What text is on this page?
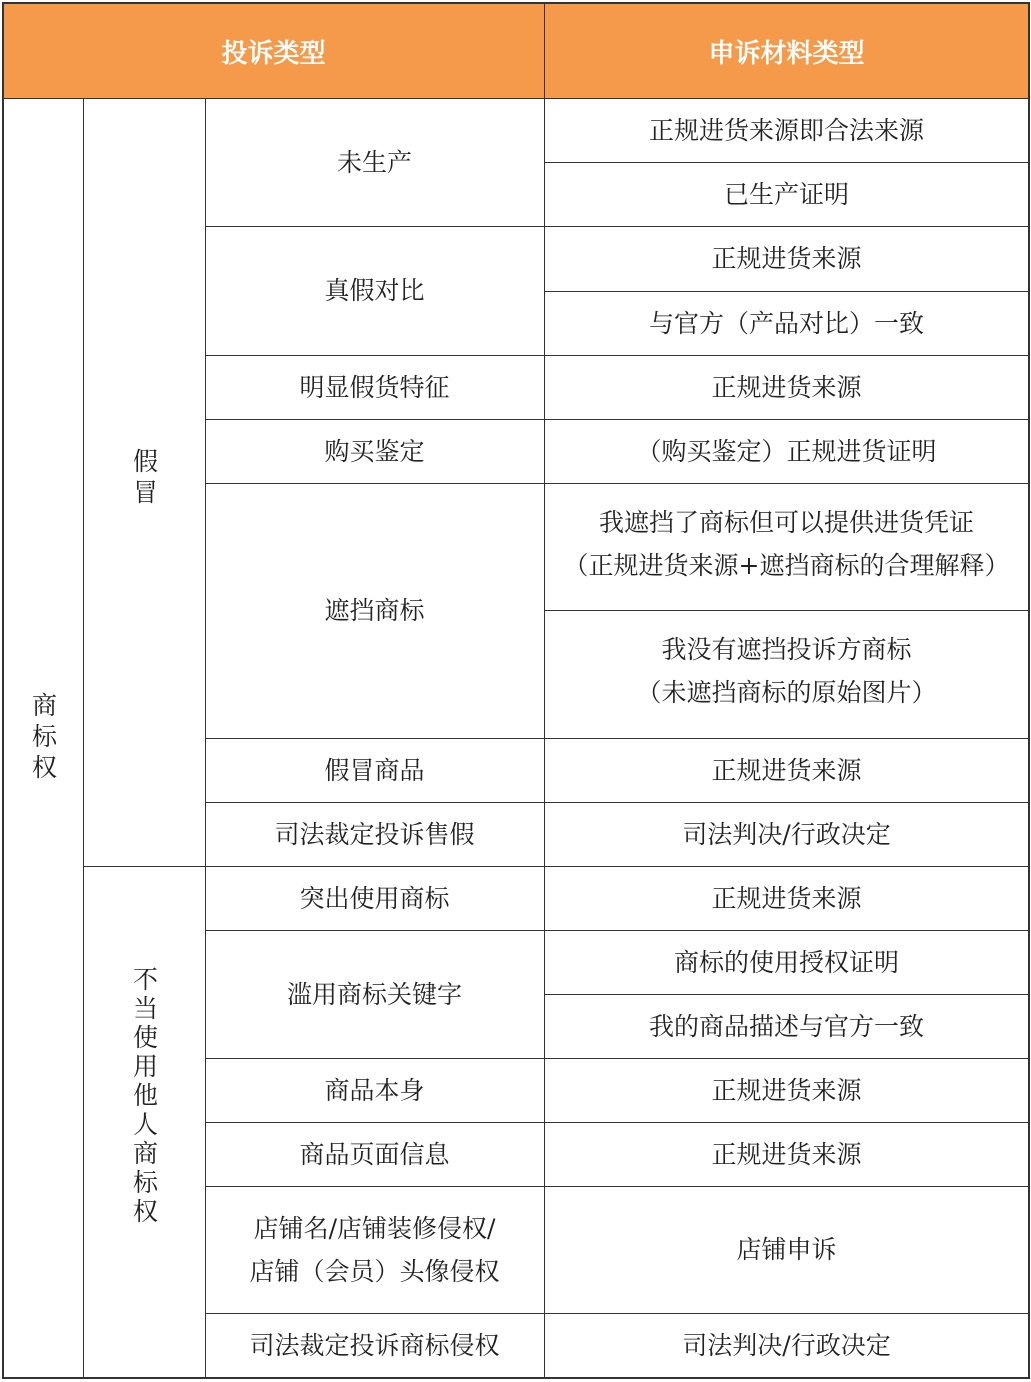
投诉类型	申诉材料类型
商标权
假冒
不当使用他人商标权
未生产
真假对比
明显假货特征
购买鉴定
遮挡商标
假冒商品
司法裁定投诉售假
突出使用商标
滥用商标关键字
商品本身
商品页面信息
店铺名/店铺装修侵权/
店铺（会员）头像侵权
司法裁定投诉商标侵权
正规进货来源即合法来源
已生产证明
正规进货来源
与官方（产品对比）一致
正规进货来源
（购买鉴定）正规进货证明
我遮挡了商标但可以提供进货凭证
（正规进货来源+遮挡商标的合理解释）
我没有遮挡投诉方商标
（未遮挡商标的原始图片）
正规进货来源
司法判决/行政决定
正规进货来源
商标的使用授权证明
我的商品描述与官方一致
正规进货来源
正规进货来源
店铺申诉
司法判决/行政决定
